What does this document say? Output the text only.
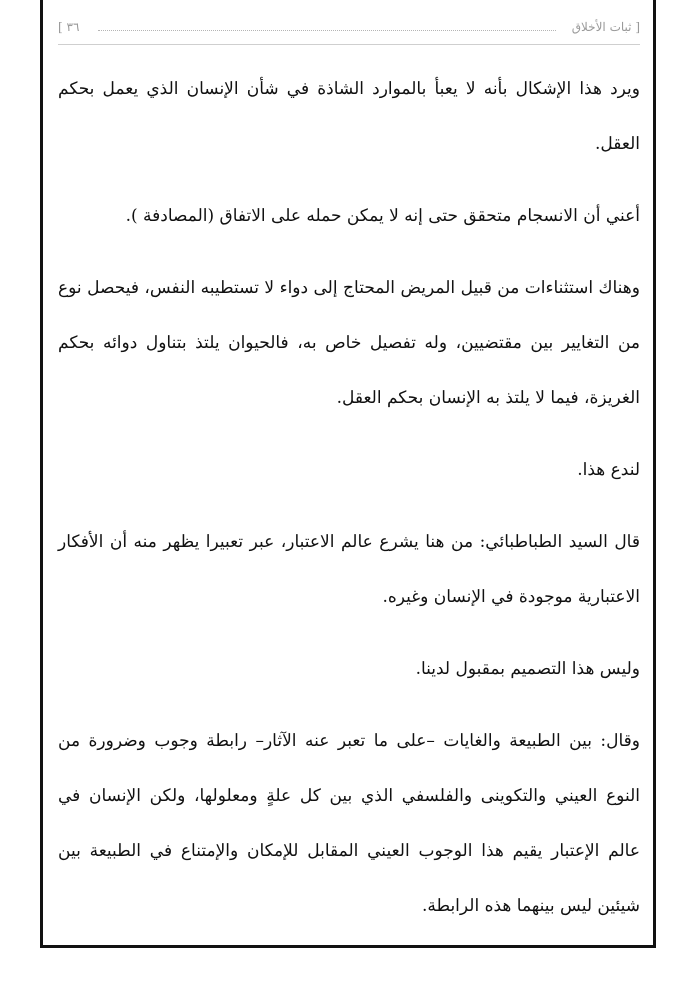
[ ثبات الأخلاق
٣٦ ]

ويرد هذا الإشكال بأنه لا يعبأ بالموارد الشاذة في شأن الإنسان الذي يعمل بحكم العقل.

أعني أن الانسجام متحقق حتى إنه لا يمكن حمله على الاتفاق (المصادفة ).

وهناك استثناءات من قبيل المريض المحتاج إلى دواء لا تستطيبه النفس، فيحصل نوع من التغايير بين مقتضيين، وله تفصيل خاص به، فالحيوان يلتذ بتناول دوائه بحكم الغريزة، فيما لا يلتذ به الإنسان بحكم العقل.

لندع هذا.

قال السيد الطباطبائي: من هنا يشرع عالم الاعتبار، عبر تعبيرا يظهر منه أن الأفكار الاعتبارية موجودة في الإنسان وغيره.

وليس هذا التصميم بمقبول لدينا.

وقال: بين الطبيعة والغايات –على ما تعبر عنه الآثار– رابطة وجوب وضرورة من النوع العيني والتكوينى والفلسفي الذي بين كل علةٍ ومعلولها، ولكن الإنسان في عالم الإعتبار يقيم هذا الوجوب العيني المقابل للإمكان والإمتناع في الطبيعة بين شيئين ليس بينهما هذه الرابطة.
